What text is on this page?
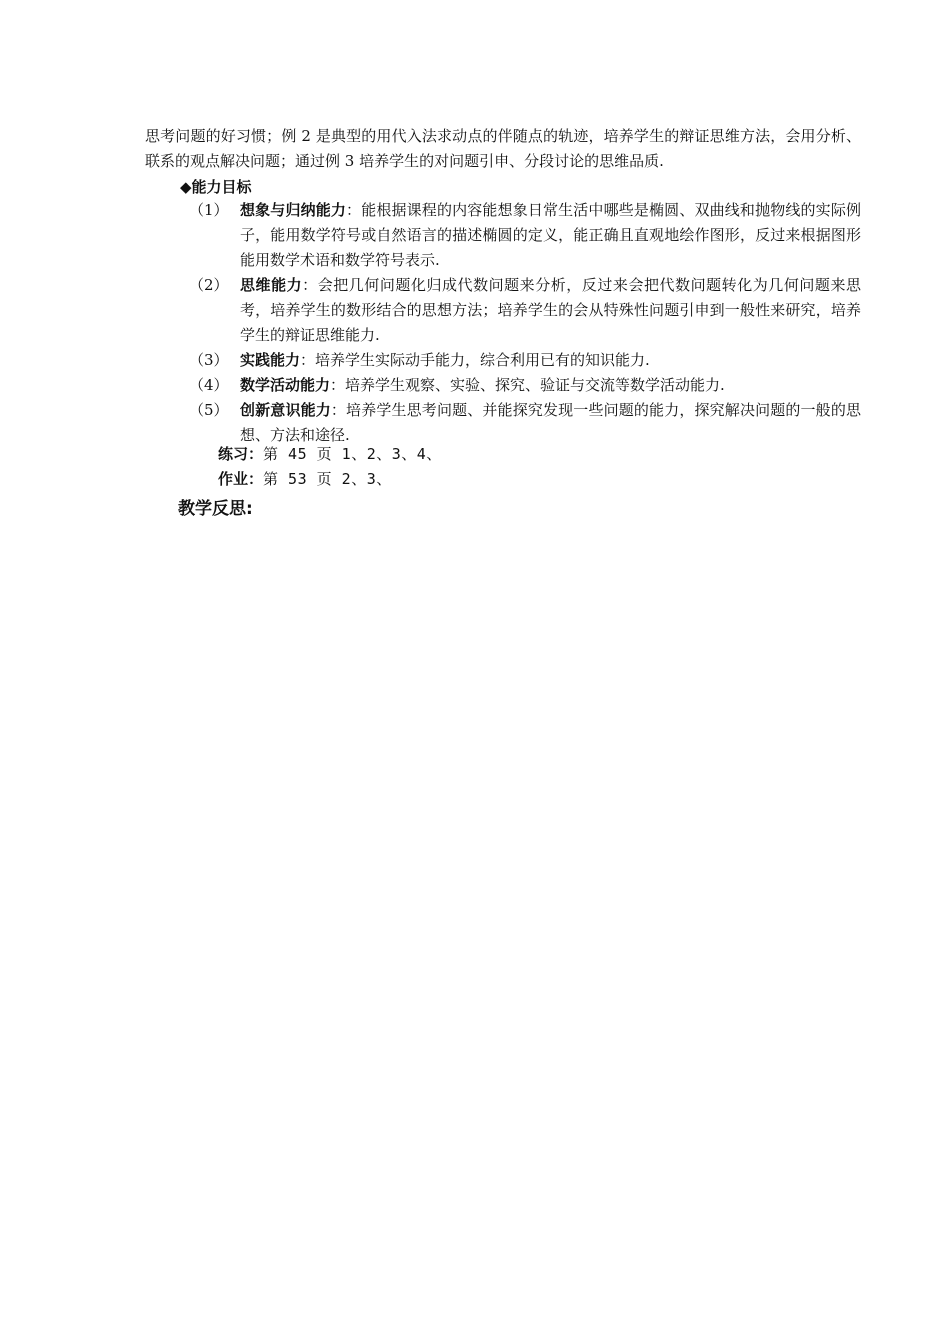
思考问题的好习惯；例 2 是典型的用代入法求动点的伴随点的轨迹，培养学生的辩证思维方法，会用分析、联系的观点解决问题；通过例 3 培养学生的对问题引申、分段讨论的思维品质.
◆能力目标
（1） 想象与归纳能力：能根据课程的内容能想象日常生活中哪些是椭圆、双曲线和抛物线的实际例子，能用数学符号或自然语言的描述椭圆的定义，能正确且直观地绘作图形，反过来根据图形能用数学术语和数学符号表示.
（2） 思维能力：会把几何问题化归成代数问题来分析，反过来会把代数问题转化为几何问题来思考，培养学生的数形结合的思想方法；培养学生的会从特殊性问题引申到一般性来研究，培养学生的辩证思维能力.
（3） 实践能力：培养学生实际动手能力，综合利用已有的知识能力.
（4） 数学活动能力：培养学生观察、实验、探究、验证与交流等数学活动能力.
（5） 创新意识能力：培养学生思考问题、并能探究发现一些问题的能力，探究解决问题的一般的思想、方法和途径.
练习：第 45 页 1、2、3、4、
作业：第 53 页 2、3、
教学反思:
